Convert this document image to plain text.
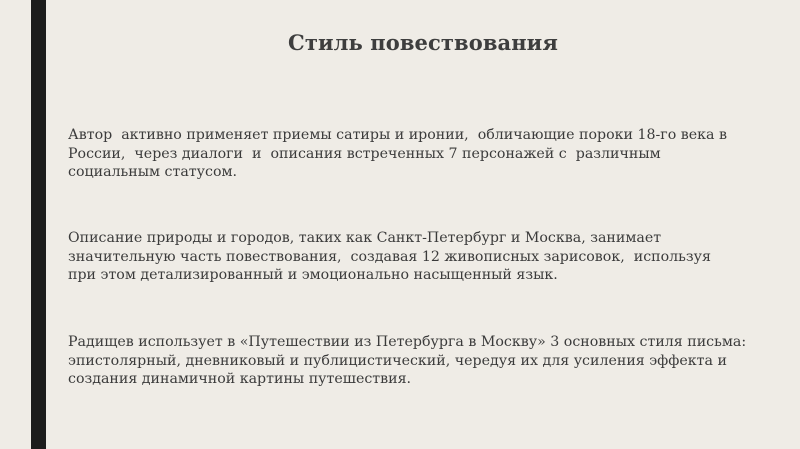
Стиль повествования
Автор  активно применяет приемы сатиры и иронии,  обличающие пороки 18-го века в
России,  через диалоги  и  описания встреченных 7 персонажей с  различным
социальным статусом.
Описание природы и городов, таких как Санкт-Петербург и Москва, занимает
значительную часть повествования,  создавая 12 живописных зарисовок,  используя
при этом детализированный и эмоционально насыщенный язык.
Радищев использует в «Путешествии из Петербурга в Москву» 3 основных стиля письма:
эпистолярный, дневниковый и публицистический, чередуя их для усиления эффекта и
создания динамичной картины путешествия.
